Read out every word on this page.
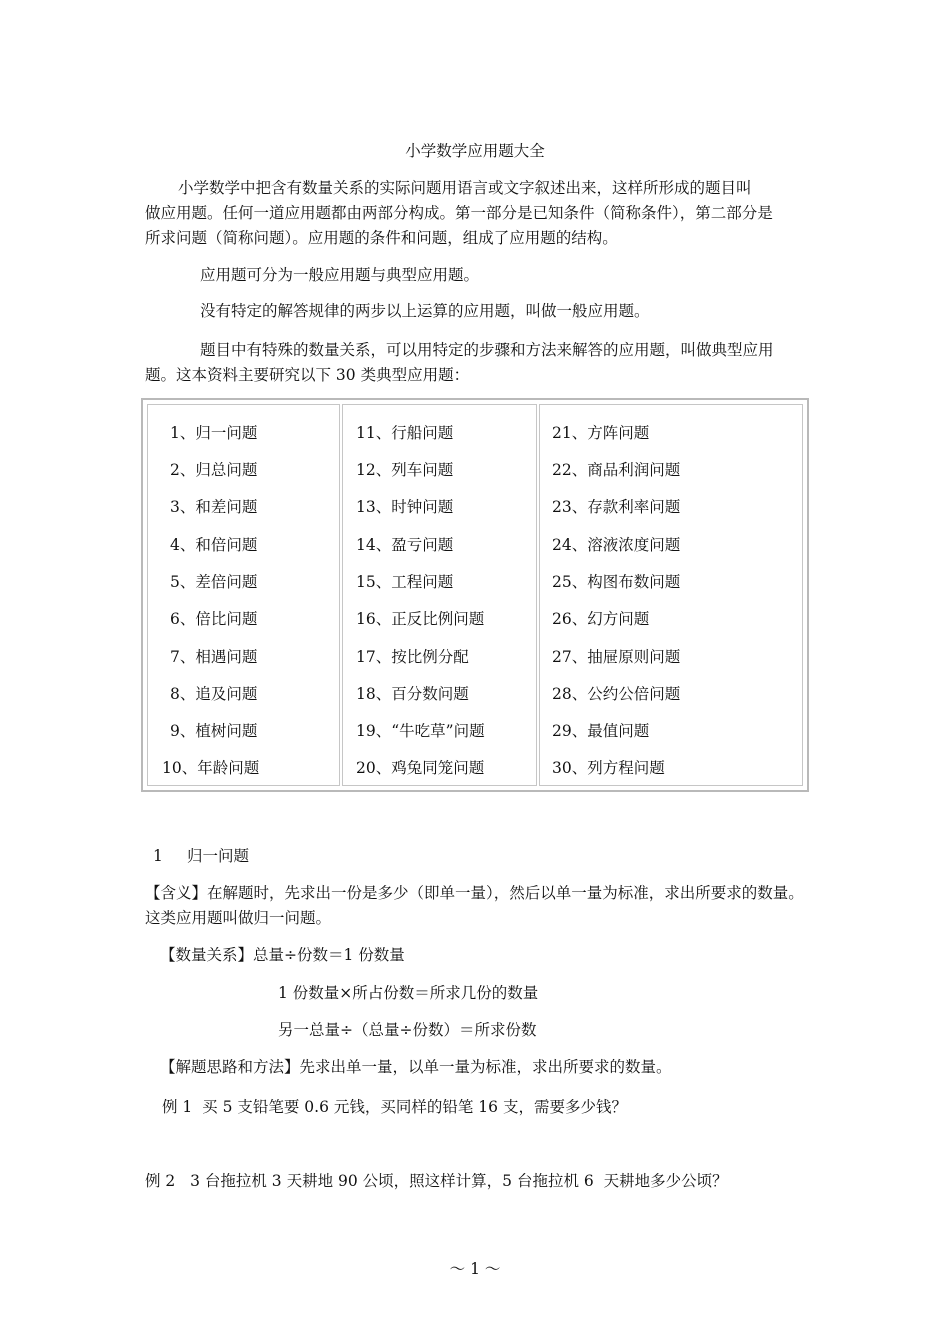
小学数学应用题大全
小学数学中把含有数量关系的实际问题用语言或文字叙述出来，这样所形成的题目叫
做应用题。任何一道应用题都由两部分构成。第一部分是已知条件（简称条件），第二部分是
所求问题（简称问题）。应用题的条件和问题，组成了应用题的结构。
应用题可分为一般应用题与典型应用题。
没有特定的解答规律的两步以上运算的应用题，叫做一般应用题。
题目中有特殊的数量关系，可以用特定的步骤和方法来解答的应用题，叫做典型应用
题。这本资料主要研究以下 30 类典型应用题：
1、归一问题
2、归总问题
3、和差问题
4、和倍问题
5、差倍问题
6、倍比问题
7、相遇问题
8、追及问题
9、植树问题
10、年龄问题
11、行船问题
12、列车问题
13、时钟问题
14、盈亏问题
15、工程问题
16、正反比例问题
17、按比例分配
18、百分数问题
19、“牛吃草”问题
20、鸡兔同笼问题
21、方阵问题
22、商品利润问题
23、存款利率问题
24、溶液浓度问题
25、构图布数问题
26、幻方问题
27、抽屉原则问题
28、公约公倍问题
29、最值问题
30、列方程问题
1 归一问题
【含义】在解题时，先求出一份是多少（即单一量），然后以单一量为标准，求出所要求的数量。
这类应用题叫做归一问题。
【数量关系】总量÷份数＝1 份数量
1 份数量×所占份数＝所求几份的数量
另一总量÷（总量÷份数）＝所求份数
【解题思路和方法】先求出单一量，以单一量为标准，求出所要求的数量。
例 1  买 5 支铅笔要 0.6 元钱，买同样的铅笔 16 支，需要多少钱？
例 2   3 台拖拉机 3 天耕地 90 公顷，照这样计算，5 台拖拉机 6  天耕地多少公顷？
～ 1 ～
